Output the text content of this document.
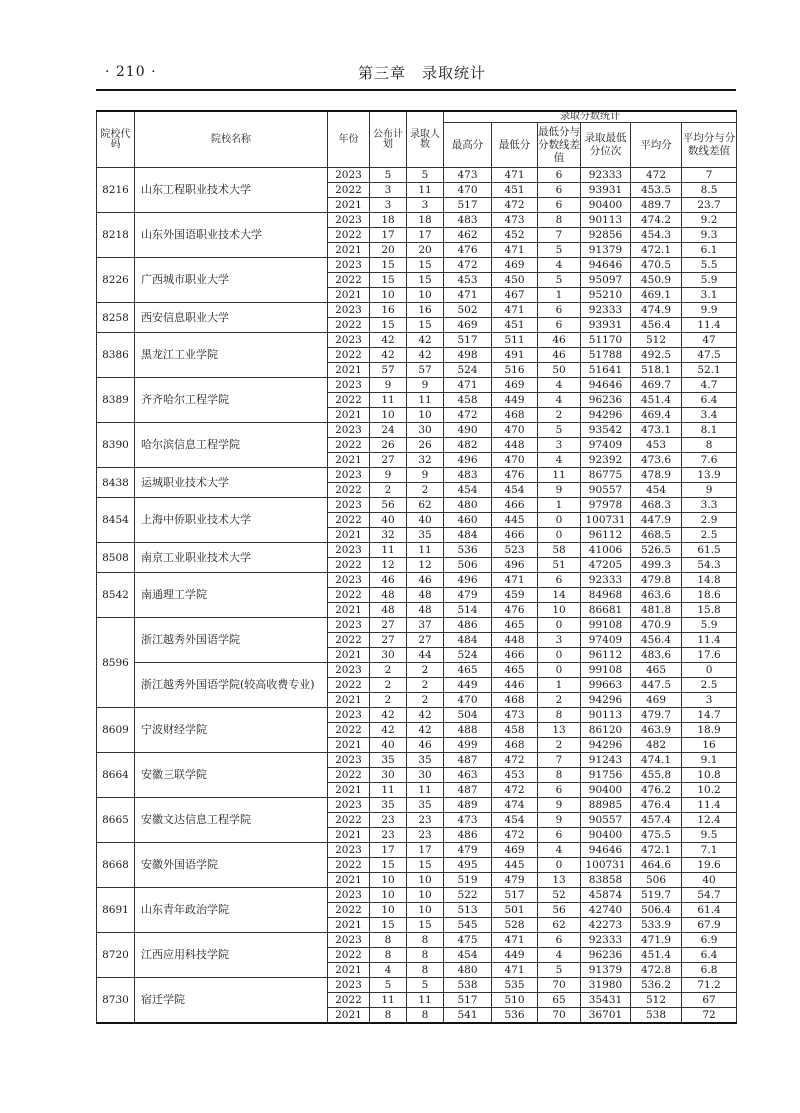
· 210 ·	第三章　录取统计
院校代码	院校名称	年份	公布计划	录取人数	录取分数统计					
					最高分	最低分	最低分与分数线差值	录取最低分位次	平均分	平均分与分数线差值
8216	山东工程职业技术大学	2023	5	5	473	471	6	92333	472	7
		2022	3	11	470	451	6	93931	453.5	8.5
		2021	3	3	517	472	6	90400	489.7	23.7
8218	山东外国语职业技术大学	2023	18	18	483	473	8	90113	474.2	9.2
		2022	17	17	462	452	7	92856	454.3	9.3
		2021	20	20	476	471	5	91379	472.1	6.1
8226	广西城市职业大学	2023	15	15	472	469	4	94646	470.5	5.5
		2022	15	15	453	450	5	95097	450.9	5.9
		2021	10	10	471	467	1	95210	469.1	3.1
8258	西安信息职业大学	2023	16	16	502	471	6	92333	474.9	9.9
		2022	15	15	469	451	6	93931	456.4	11.4
8386	黑龙江工业学院	2023	42	42	517	511	46	51170	512	47
		2022	42	42	498	491	46	51788	492.5	47.5
		2021	57	57	524	516	50	51641	518.1	52.1
8389	齐齐哈尔工程学院	2023	9	9	471	469	4	94646	469.7	4.7
		2022	11	11	458	449	4	96236	451.4	6.4
		2021	10	10	472	468	2	94296	469.4	3.4
8390	哈尔滨信息工程学院	2023	24	30	490	470	5	93542	473.1	8.1
		2022	26	26	482	448	3	97409	453	8
		2021	27	32	496	470	4	92392	473.6	7.6
8438	运城职业技术大学	2023	9	9	483	476	11	86775	478.9	13.9
		2022	2	2	454	454	9	90557	454	9
8454	上海中侨职业技术大学	2023	56	62	480	466	1	97978	468.3	3.3
		2022	40	40	460	445	0	100731	447.9	2.9
		2021	32	35	484	466	0	96112	468.5	2.5
8508	南京工业职业技术大学	2023	11	11	536	523	58	41006	526.5	61.5
		2022	12	12	506	496	51	47205	499.3	54.3
8542	南通理工学院	2023	46	46	496	471	6	92333	479.8	14.8
		2022	48	48	479	459	14	84968	463.6	18.6
		2021	48	48	514	476	10	86681	481.8	15.8
8596	浙江越秀外国语学院	2023	27	37	486	465	0	99108	470.9	5.9
		2022	27	27	484	448	3	97409	456.4	11.4
		2021	30	44	524	466	0	96112	483.6	17.6
	浙江越秀外国语学院(较高收费专业)	2023	2	2	465	465	0	99108	465	0
		2022	2	2	449	446	1	99663	447.5	2.5
		2021	2	2	470	468	2	94296	469	3
8609	宁波财经学院	2023	42	42	504	473	8	90113	479.7	14.7
		2022	42	42	488	458	13	86120	463.9	18.9
		2021	40	46	499	468	2	94296	482	16
8664	安徽三联学院	2023	35	35	487	472	7	91243	474.1	9.1
		2022	30	30	463	453	8	91756	455.8	10.8
		2021	11	11	487	472	6	90400	476.2	10.2
8665	安徽文达信息工程学院	2023	35	35	489	474	9	88985	476.4	11.4
		2022	23	23	473	454	9	90557	457.4	12.4
		2021	23	23	486	472	6	90400	475.5	9.5
8668	安徽外国语学院	2023	17	17	479	469	4	94646	472.1	7.1
		2022	15	15	495	445	0	100731	464.6	19.6
		2021	10	10	519	479	13	83858	506	40
8691	山东青年政治学院	2023	10	10	522	517	52	45874	519.7	54.7
		2022	10	10	513	501	56	42740	506.4	61.4
		2021	15	15	545	528	62	42273	533.9	67.9
8720	江西应用科技学院	2023	8	8	475	471	6	92333	471.9	6.9
		2022	8	8	454	449	4	96236	451.4	6.4
		2021	4	8	480	471	5	91379	472.8	6.8
8730	宿迁学院	2023	5	5	538	535	70	31980	536.2	71.2
		2022	11	11	517	510	65	35431	512	67
		2021	8	8	541	536	70	36701	538	72
